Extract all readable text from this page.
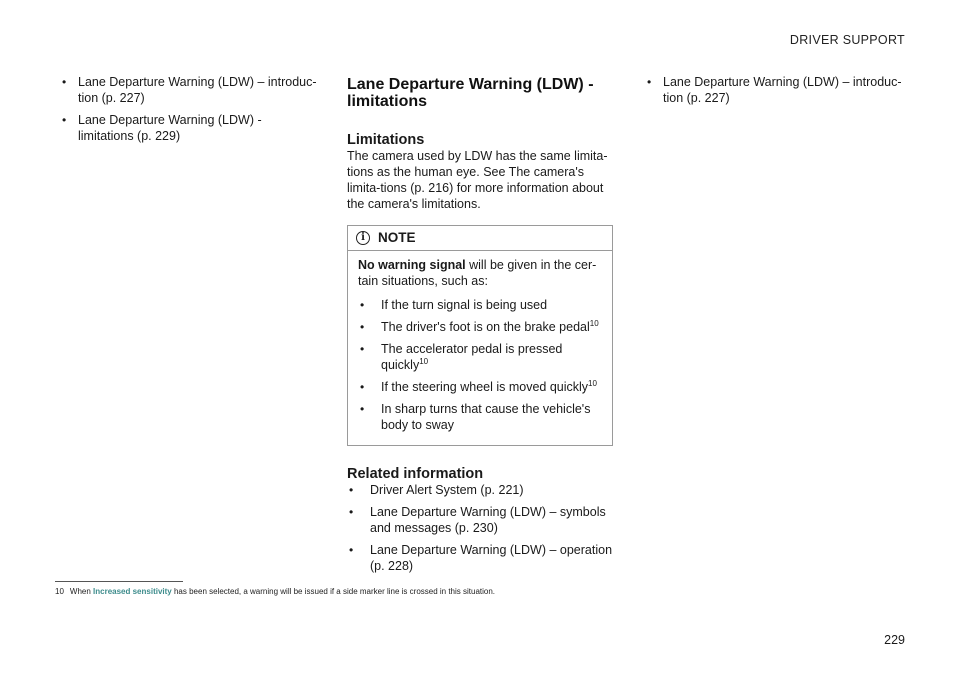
DRIVER SUPPORT
• Lane Departure Warning (LDW) – introduc-tion (p. 227)
• Lane Departure Warning (LDW) - limitations (p. 229)
Lane Departure Warning (LDW) - limitations
Limitations

The camera used by LDW has the same limita-tions as the human eye. See The camera's limita-tions (p. 216) for more information about the camera's limitations.

i NOTE
No warning signal will be given in the cer-tain situations, such as:
• If the turn signal is being used
• The driver's foot is on the brake pedal$^{10}$
• The accelerator pedal is pressed quickly$^{10}$
• If the steering wheel is moved quickly$^{10}$
• In sharp turns that cause the vehicle's body to sway
Related information
• Driver Alert System (p. 221)
• Lane Departure Warning (LDW) – symbols and messages (p. 230)
• Lane Departure Warning (LDW) – operation (p. 228)
• Lane Departure Warning (LDW) – introduc-tion (p. 227)
10 When Increased sensitivity has been selected, a warning will be issued if a side marker line is crossed in this situation.
229
